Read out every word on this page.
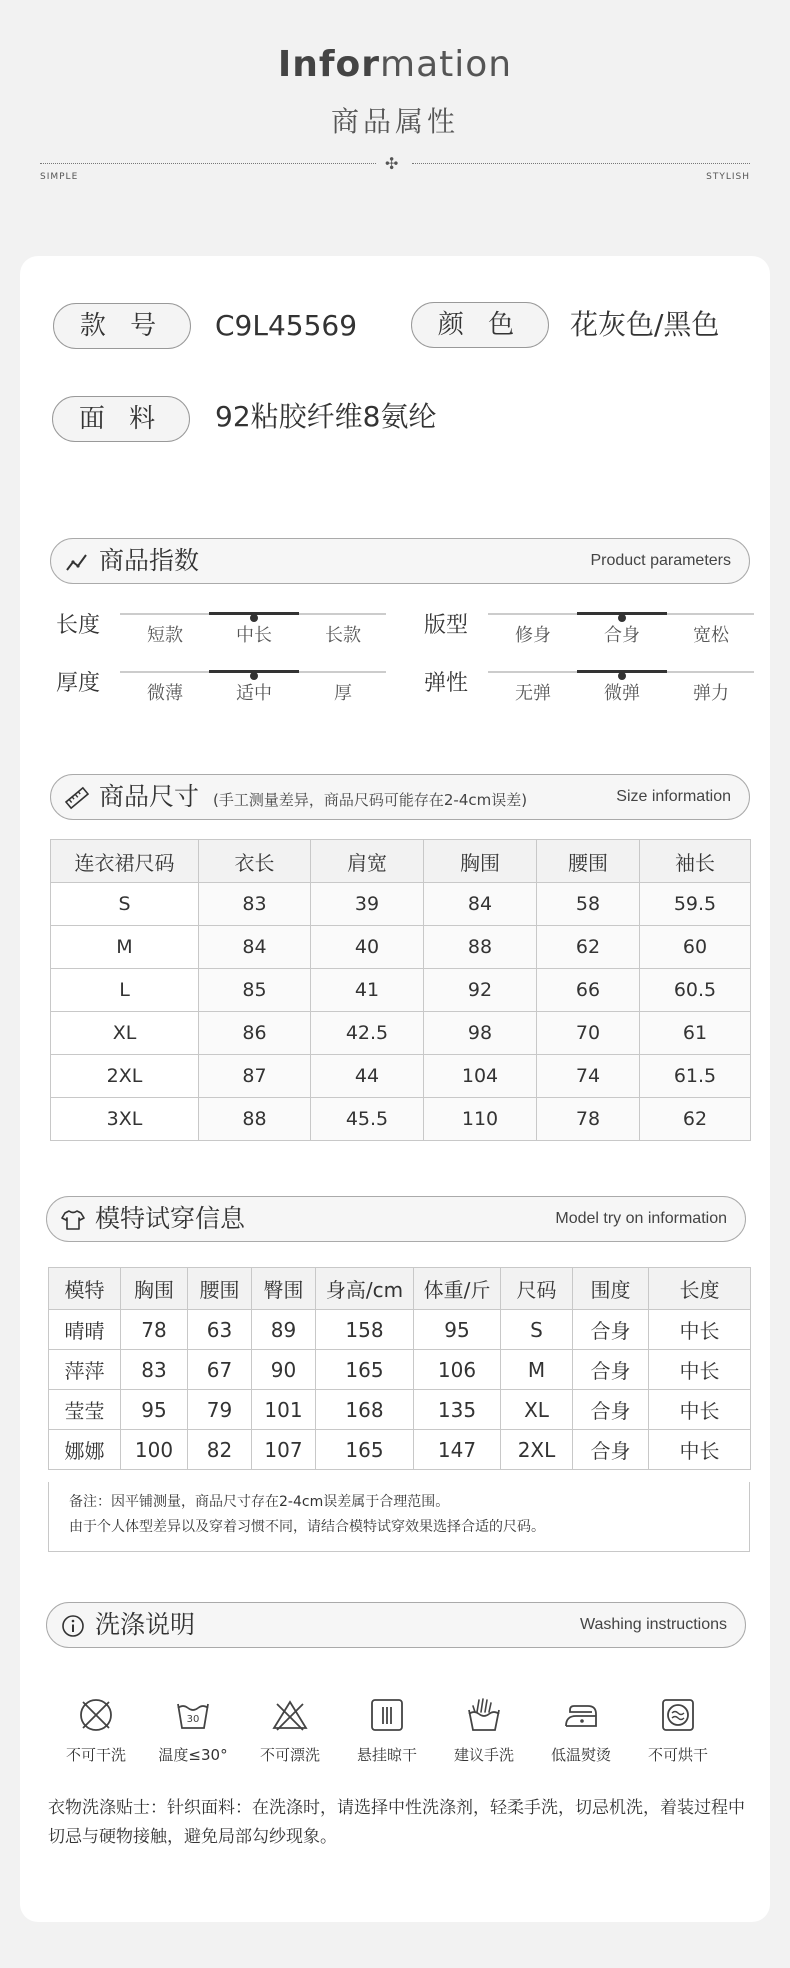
Information
商品属性
✣
SIMPLE	STYLISH
款 号	C9L45569	颜 色	花灰色/黑色
面 料	92粘胶纤维8氨纶
商品指数	Product parameters
长度	短款	中长	长款	版型	修身	合身	宽松
厚度	微薄	适中	厚	弹性	无弹	微弹	弹力
商品尺寸 (手工测量差异，商品尺码可能存在2-4cm误差)	Size information
连衣裙尺码	衣长	肩宽	胸围	腰围	袖长
S	83	39	84	58	59.5
M	84	40	88	62	60
L	85	41	92	66	60.5
XL	86	42.5	98	70	61
2XL	87	44	104	74	61.5
3XL	88	45.5	110	78	62
模特试穿信息	Model try on information
模特	胸围	腰围	臀围	身高/cm	体重/斤	尺码	围度	长度
晴晴	78	63	89	158	95	S	合身	中长
萍萍	83	67	90	165	106	M	合身	中长
莹莹	95	79	101	168	135	XL	合身	中长
娜娜	100	82	107	165	147	2XL	合身	中长
备注：因平铺测量，商品尺寸存在2-4cm误差属于合理范围。
由于个人体型差异以及穿着习惯不同，请结合模特试穿效果选择合适的尺码。
洗涤说明	Washing instructions
不可干洗
30
温度≤30°	不可漂洗	悬挂晾干	建议手洗	低温熨烫	不可烘干
衣物洗涤贴士：针织面料：在洗涤时，请选择中性洗涤剂，轻柔手洗，切忌机洗，着装过程中切忌与硬物接触，避免局部勾纱现象。
